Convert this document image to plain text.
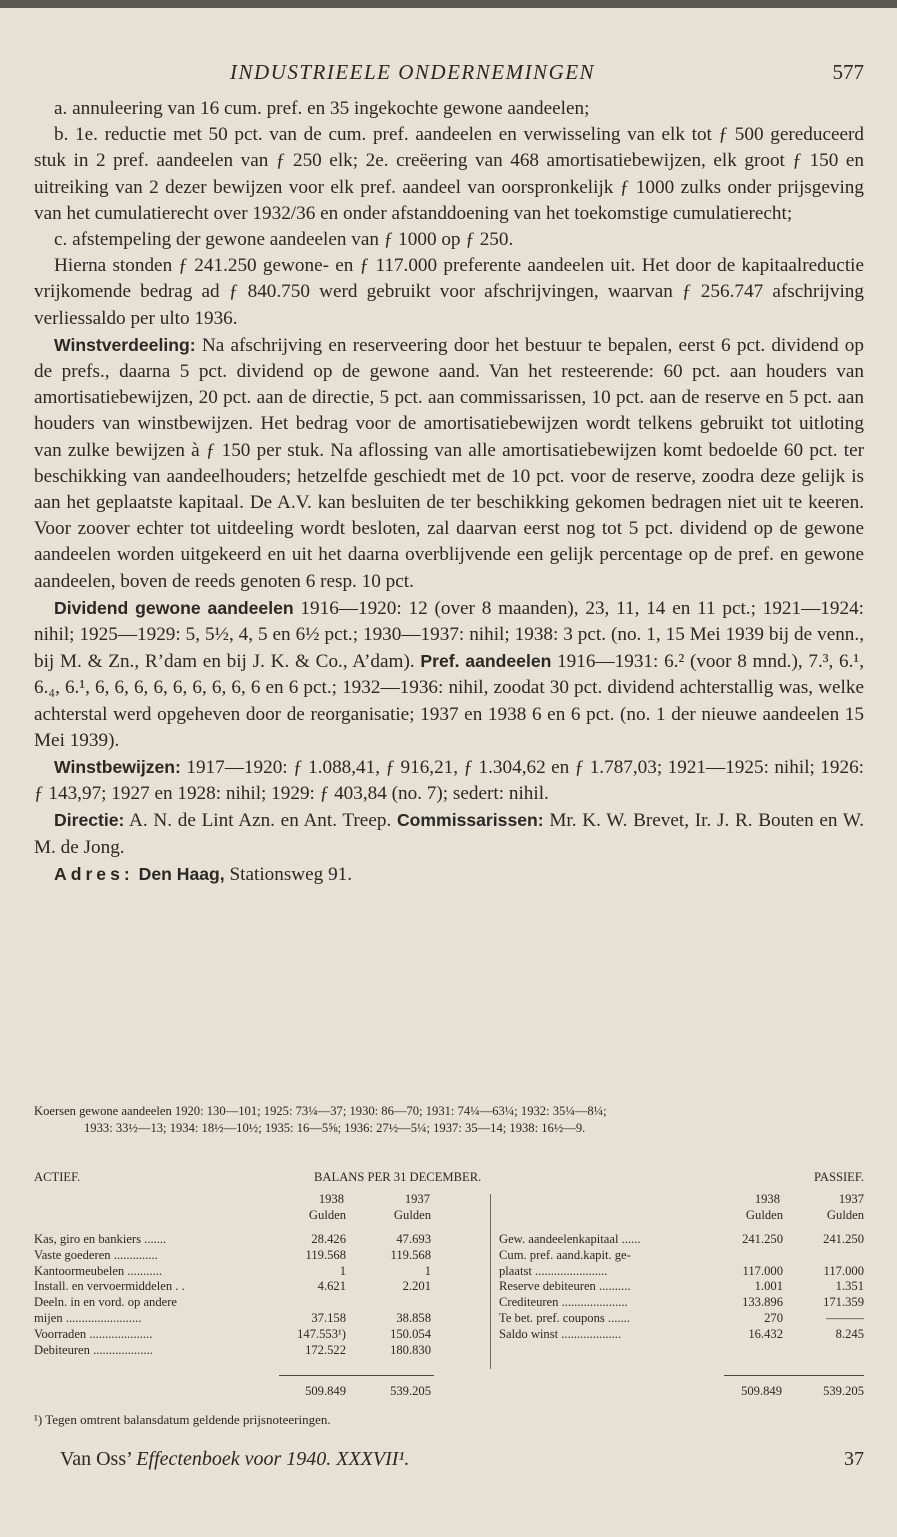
INDUSTRIEELE ONDERNEMINGEN	577

a. annuleering van 16 cum. pref. en 35 ingekochte gewone aandeelen;

b. 1e. reductie met 50 pct. van de cum. pref. aandeelen en verwisseling van elk tot ƒ 500 gereduceerd stuk in 2 pref. aandeelen van ƒ 250 elk; 2e. creëering van 468 amortisatiebewijzen, elk groot ƒ 150 en uitreiking van 2 dezer bewijzen voor elk pref. aandeel van oorspronkelijk ƒ 1000 zulks onder prijsgeving van het cumulatierecht over 1932/36 en onder afstanddoening van het toekomstige cumulatierecht;

c. afstempeling der gewone aandeelen van ƒ 1000 op ƒ 250.

Hierna stonden ƒ 241.250 gewone- en ƒ 117.000 preferente aandeelen uit. Het door de kapitaalreductie vrijkomende bedrag ad ƒ 840.750 werd gebruikt voor afschrijvingen, waarvan ƒ 256.747 afschrijving verliessaldo per ulto 1936.

Winstverdeeling: Na afschrijving en reserveering door het bestuur te bepalen, eerst 6 pct. dividend op de prefs., daarna 5 pct. dividend op de gewone aand. Van het resteerende: 60 pct. aan houders van amortisatiebewijzen, 20 pct. aan de directie, 5 pct. aan commissarissen, 10 pct. aan de reserve en 5 pct. aan houders van winstbewijzen. Het bedrag voor de amortisatiebewijzen wordt telkens gebruikt tot uitloting van zulke bewijzen à ƒ 150 per stuk. Na aflossing van alle amortisatiebewijzen komt bedoelde 60 pct. ter beschikking van aandeelhouders; hetzelfde geschiedt met de 10 pct. voor de reserve, zoodra deze gelijk is aan het geplaatste kapitaal. De A.V. kan besluiten de ter beschikking gekomen bedragen niet uit te keeren. Voor zoover echter tot uitdeeling wordt besloten, zal daarvan eerst nog tot 5 pct. dividend op de gewone aandeelen worden uitgekeerd en uit het daarna overblijvende een gelijk percentage op de pref. en gewone aandeelen, boven de reeds genoten 6 resp. 10 pct.

Dividend gewone aandeelen 1916—1920: 12 (over 8 maanden), 23, 11, 14 en 11 pct.; 1921—1924: nihil; 1925—1929: 5, 5½, 4, 5 en 6½ pct.; 1930—1937: nihil; 1938: 3 pct. (no. 1, 15 Mei 1939 bij de venn., bij M. & Zn., R’dam en bij J. K. & Co., A’dam). Pref. aandeelen 1916—1931: 6.² (voor 8 mnd.), 7.³, 6.¹, 6.₄, 6.¹, 6, 6, 6, 6, 6, 6, 6, 6, 6 en 6 pct.; 1932—1936: nihil, zoodat 30 pct. dividend achterstallig was, welke achterstal werd opgeheven door de reorganisatie; 1937 en 1938 6 en 6 pct. (no. 1 der nieuwe aandeelen 15 Mei 1939).

Winstbewijzen: 1917—1920: ƒ 1.088,41, ƒ 916,21, ƒ 1.304,62 en ƒ 1.787,03; 1921—1925: nihil; 1926: ƒ 143,97; 1927 en 1928: nihil; 1929: ƒ 403,84 (no. 7); sedert: nihil.

Directie: A. N. de Lint Azn. en Ant. Treep. Commissarissen: Mr. K. W. Brevet, Ir. J. R. Bouten en W. M. de Jong.

Adres: Den Haag, Stationsweg 91.

Koersen gewone aandeelen 1920: 130—101; 1925: 73¼—37; 1930: 86—70; 1931: 74¼—63¼; 1932: 35¼—8¼;
1933: 33½—13; 1934: 18½—10½; 1935: 16—5⅝; 1936: 27½—5¼; 1937: 35—14; 1938: 16½—9.
ACTIEF.	BALANS PER 31 DECEMBER.	PASSIEF.
1938	1937
Gulden	Gulden
1938	1937
Gulden	Gulden
Kas, giro en bankiers .......	28.426	47.693
Vaste goederen ..............	119.568	119.568
Kantoormeubelen ...........	1	1
Install. en vervoermiddelen . .	4.621	2.201
Deeln. in en vord. op andere
mijen ........................	37.158	38.858
Voorraden ....................	147.553¹)	150.054
Debiteuren ...................	172.522	180.830
Gew. aandeelenkapitaal ......	241.250	241.250
Cum. pref. aand.kapit. ge-
plaatst .......................	117.000	117.000
Reserve debiteuren ..........	1.001	1.351
Crediteuren .....................	133.896	171.359
Te bet. pref. coupons .......	270	———
Saldo winst ...................	16.432	8.245
509.849	539.205	509.849	539.205
¹) Tegen omtrent balansdatum geldende prijsnoteeringen.
Van Oss’ Effectenboek voor 1940. XXXVII¹.	37
